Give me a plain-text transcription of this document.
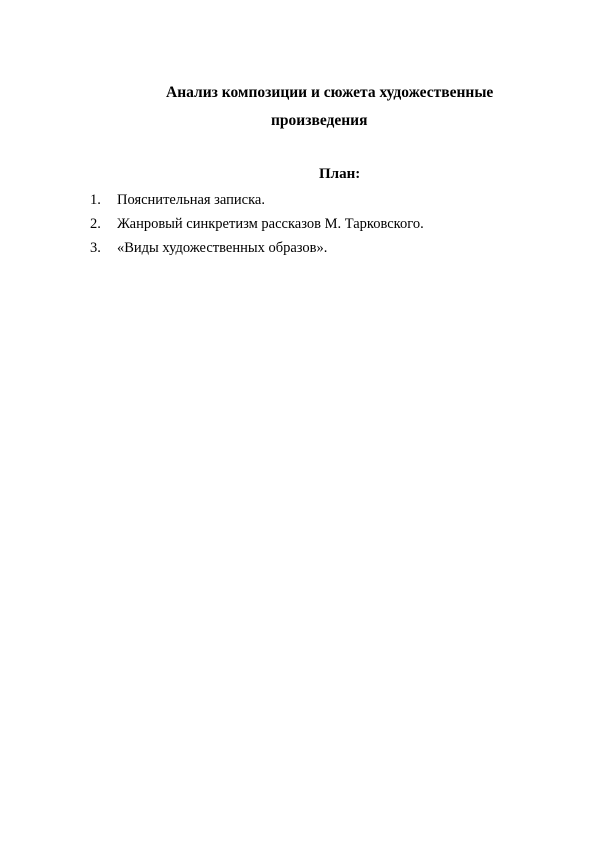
Анализ композиции и сюжета художественные
произведения
План:
1. Пояснительная записка.
2. Жанровый синкретизм рассказов М. Тарковского.
3. «Виды художественных образов».
